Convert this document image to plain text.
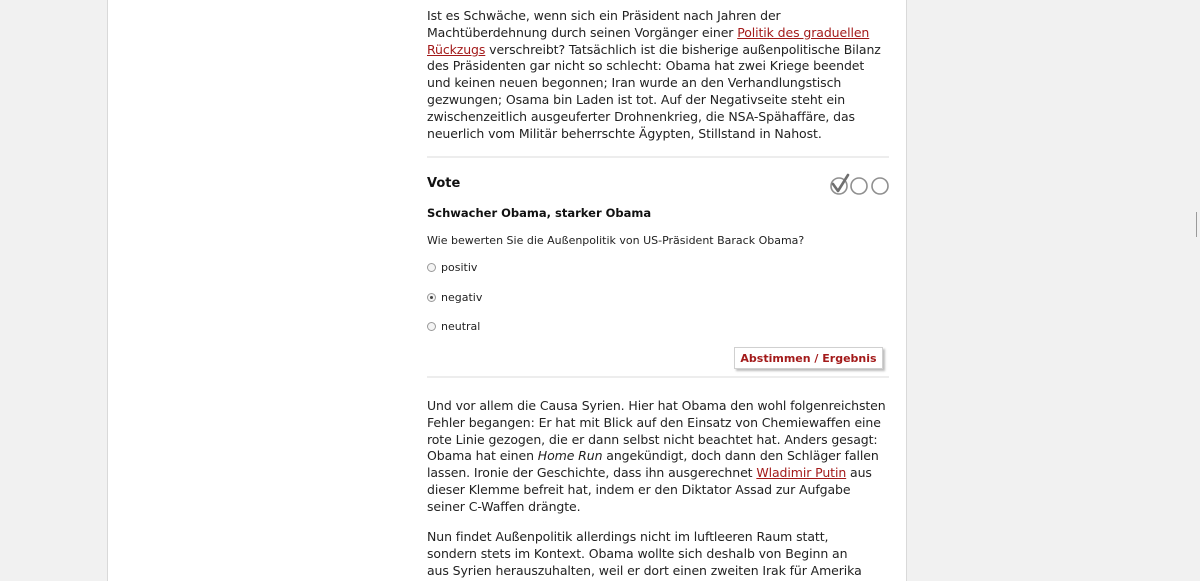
Ist es Schwäche, wenn sich ein Präsident nach Jahren der Machtüberdehnung durch seinen Vorgänger einer Politik des graduellen Rückzugs verschreibt? Tatsächlich ist die bisherige außenpolitische Bilanz des Präsidenten gar nicht so schlecht: Obama hat zwei Kriege beendet und keinen neuen begonnen; Iran wurde an den Verhandlungstisch gezwungen; Osama bin Laden ist tot. Auf der Negativseite steht ein zwischenzeitlich ausgeuferter Drohnenkrieg, die NSA-Spähaffäre, das neuerlich vom Militär beherrschte Ägypten, Stillstand in Nahost.

Vote
Schwacher Obama, starker Obama
Wie bewerten Sie die Außenpolitik von US-Präsident Barack Obama?
positiv
negativ
neutral
Abstimmen / Ergebnis

Und vor allem die Causa Syrien. Hier hat Obama den wohl folgenreichsten Fehler begangen: Er hat mit Blick auf den Einsatz von Chemiewaffen eine rote Linie gezogen, die er dann selbst nicht beachtet hat. Anders gesagt: Obama hat einen Home Run angekündigt, doch dann den Schläger fallen lassen. Ironie der Geschichte, dass ihn ausgerechnet Wladimir Putin aus dieser Klemme befreit hat, indem er den Diktator Assad zur Aufgabe seiner C-Waffen drängte.

Nun findet Außenpolitik allerdings nicht im luftleeren Raum statt, sondern stets im Kontext. Obama wollte sich deshalb von Beginn an aus Syrien herauszuhalten, weil er dort einen zweiten Irak für Amerika
